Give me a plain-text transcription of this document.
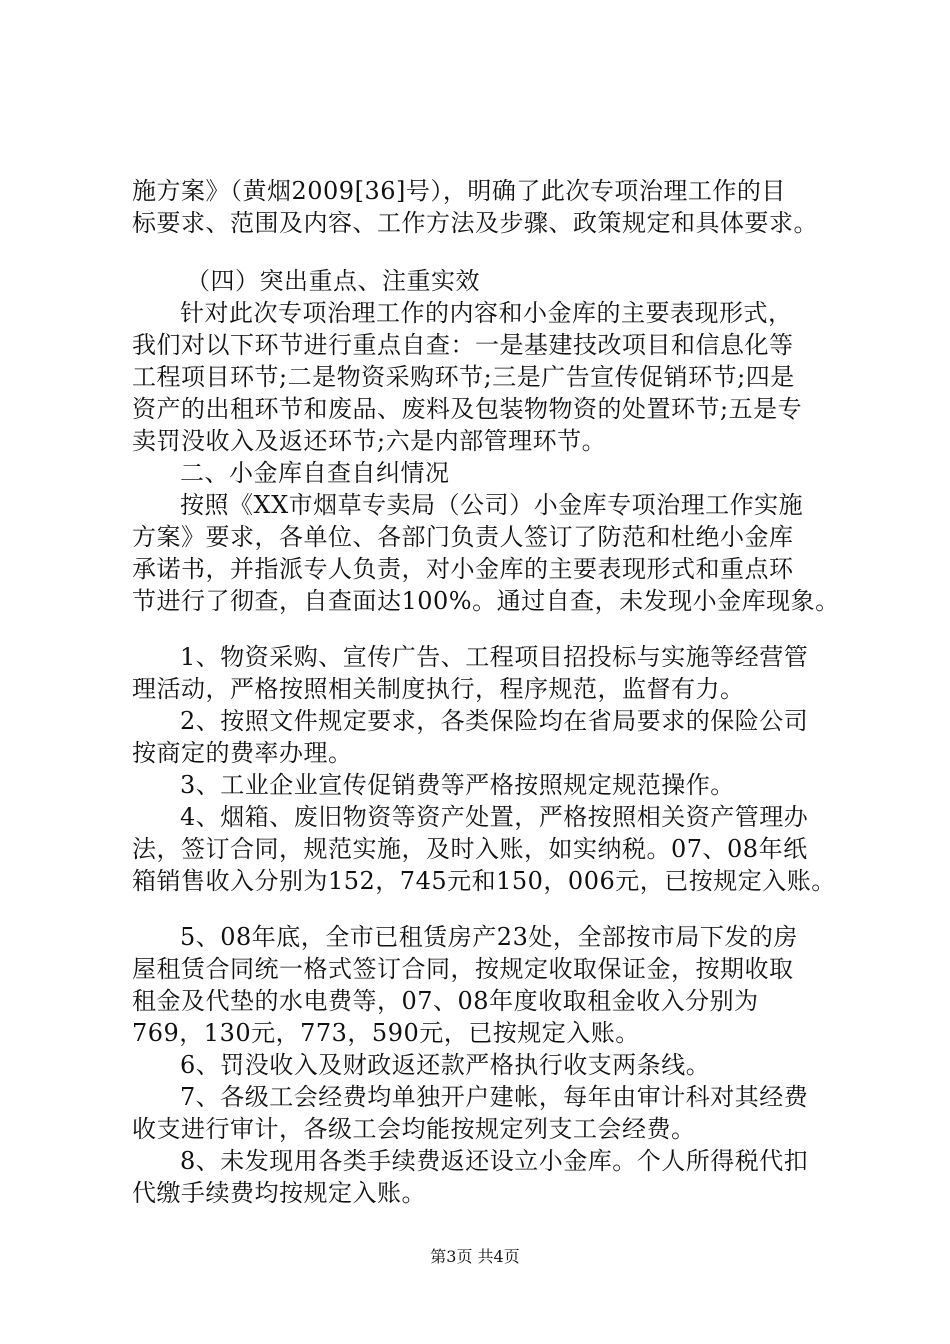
施方案》（黄烟2009[36]号），明确了此次专项治理工作的目
标要求、范围及内容、工作方法及步骤、政策规定和具体要求。
（四）突出重点、注重实效
针对此次专项治理工作的内容和小金库的主要表现形式，
我们对以下环节进行重点自查：一是基建技改项目和信息化等
工程项目环节;二是物资采购环节;三是广告宣传促销环节;四是
资产的出租环节和废品、废料及包装物物资的处置环节;五是专
卖罚没收入及返还环节;六是内部管理环节。
二、小金库自查自纠情况
按照《XX市烟草专卖局（公司）小金库专项治理工作实施
方案》要求，各单位、各部门负责人签订了防范和杜绝小金库
承诺书，并指派专人负责，对小金库的主要表现形式和重点环
节进行了彻查，自查面达100%。通过自查，未发现小金库现象。
1、物资采购、宣传广告、工程项目招投标与实施等经营管
理活动，严格按照相关制度执行，程序规范，监督有力。
2、按照文件规定要求，各类保险均在省局要求的保险公司
按商定的费率办理。
3、工业企业宣传促销费等严格按照规定规范操作。
4、烟箱、废旧物资等资产处置，严格按照相关资产管理办
法，签订合同，规范实施，及时入账，如实纳税。07、08年纸
箱销售收入分别为152，745元和150，006元，已按规定入账。
5、08年底，全市已租赁房产23处，全部按市局下发的房
屋租赁合同统一格式签订合同，按规定收取保证金，按期收取
租金及代垫的水电费等，07、08年度收取租金收入分别为
769，130元，773，590元，已按规定入账。
6、罚没收入及财政返还款严格执行收支两条线。
7、各级工会经费均单独开户建帐，每年由审计科对其经费
收支进行审计，各级工会均能按规定列支工会经费。
8、未发现用各类手续费返还设立小金库。个人所得税代扣
代缴手续费均按规定入账。
第3页 共4页
